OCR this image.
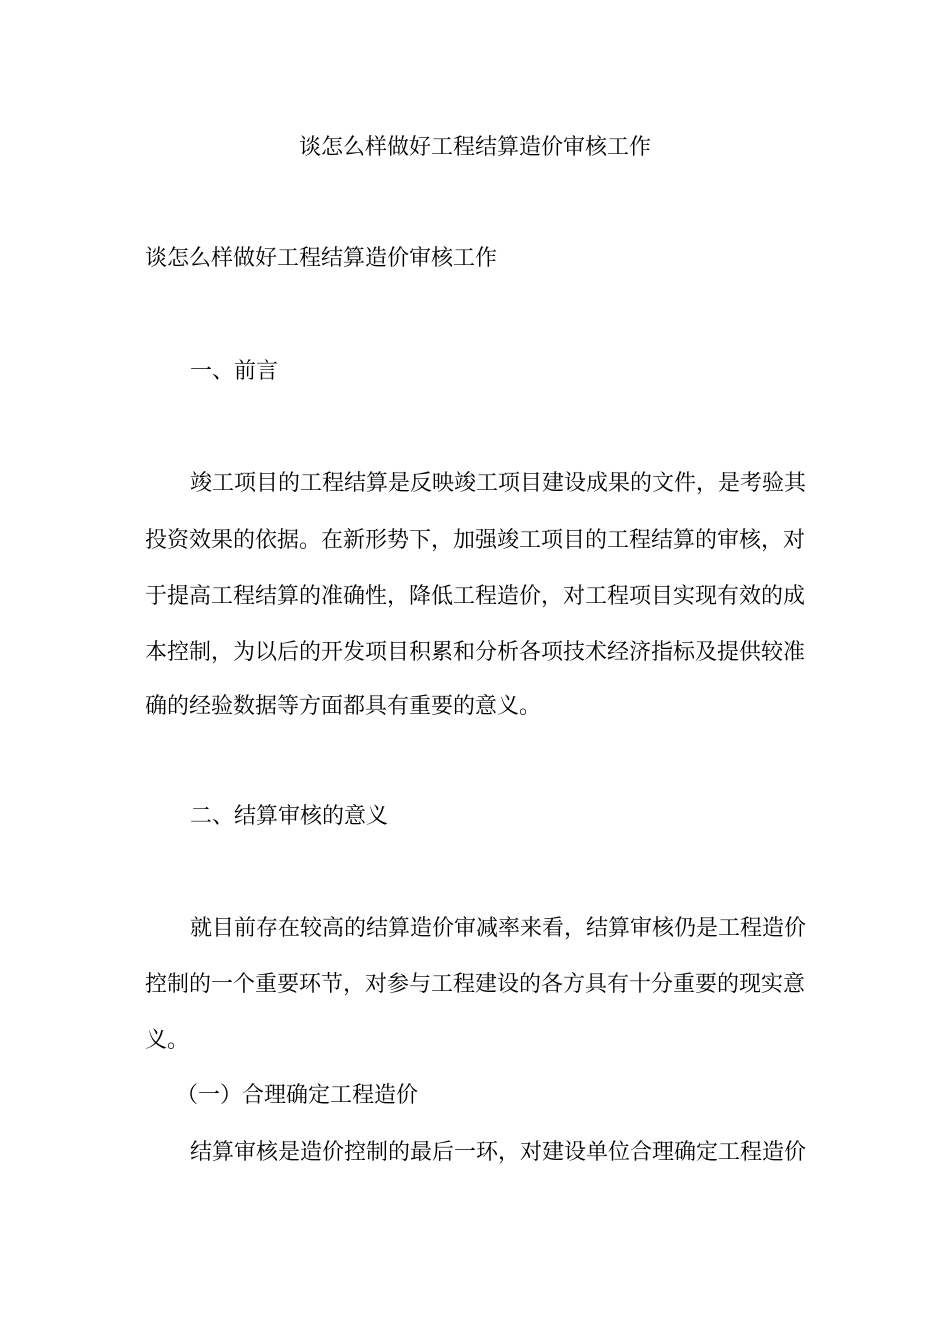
谈怎么样做好工程结算造价审核工作
谈怎么样做好工程结算造价审核工作
一、前言
竣工项目的工程结算是反映竣工项目建设成果的文件，是考验其
投资效果的依据。在新形势下，加强竣工项目的工程结算的审核，对
于提高工程结算的准确性，降低工程造价，对工程项目实现有效的成
本控制，为以后的开发项目积累和分析各项技术经济指标及提供较准
确的经验数据等方面都具有重要的意义。
二、结算审核的意义
就目前存在较高的结算造价审减率来看，结算审核仍是工程造价
控制的一个重要环节，对参与工程建设的各方具有十分重要的现实意
义。
（一）合理确定工程造价
结算审核是造价控制的最后一环，对建设单位合理确定工程造价
